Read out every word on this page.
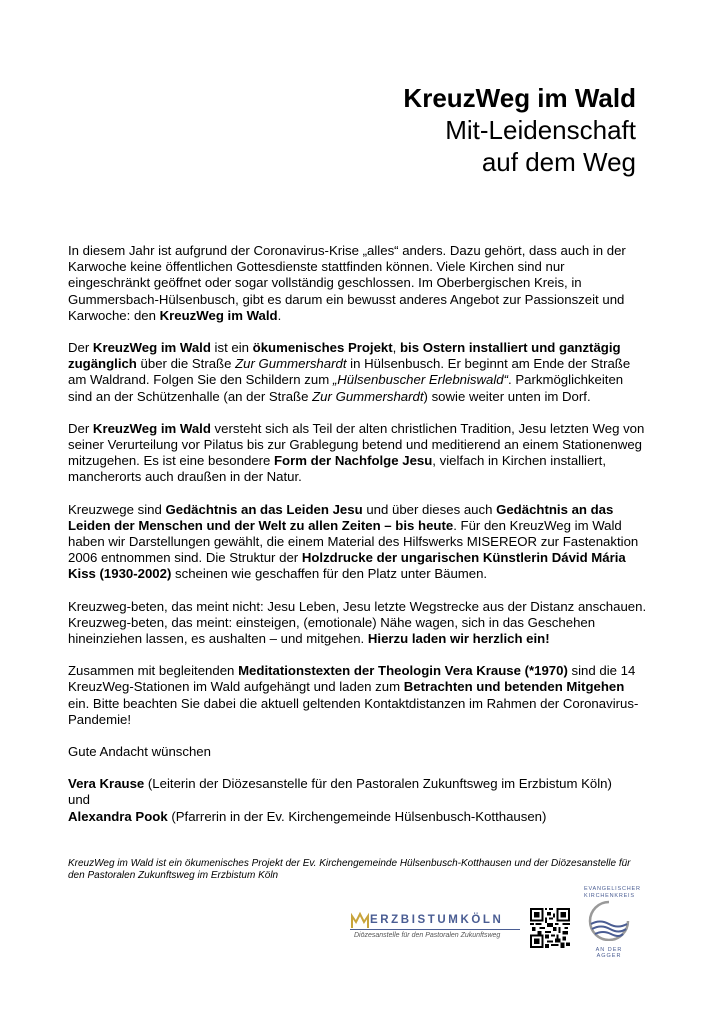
KreuzWeg im Wald
Mit-Leidenschaft
auf dem Weg

In diesem Jahr ist aufgrund der Coronavirus-Krise „alles“ anders. Dazu gehört, dass auch in der Karwoche keine öffentlichen Gottesdienste stattfinden können. Viele Kirchen sind nur eingeschränkt geöffnet oder sogar vollständig geschlossen. Im Oberbergischen Kreis, in Gummersbach-Hülsenbusch, gibt es darum ein bewusst anderes Angebot zur Passionszeit und Karwoche: den KreuzWeg im Wald.

Der KreuzWeg im Wald ist ein ökumenisches Projekt, bis Ostern installiert und ganztägig zugänglich über die Straße Zur Gummershardt in Hülsenbusch. Er beginnt am Ende der Straße am Waldrand. Folgen Sie den Schildern zum „Hülsenbuscher Erlebniswald“. Parkmöglichkeiten sind an der Schützenhalle (an der Straße Zur Gummershardt) sowie weiter unten im Dorf.

Der KreuzWeg im Wald versteht sich als Teil der alten christlichen Tradition, Jesu letzten Weg von seiner Verurteilung vor Pilatus bis zur Grablegung betend und meditierend an einem Stationenweg mitzugehen. Es ist eine besondere Form der Nachfolge Jesu, vielfach in Kirchen installiert, mancherorts auch draußen in der Natur.

Kreuzwege sind Gedächtnis an das Leiden Jesu und über dieses auch Gedächtnis an das Leiden der Menschen und der Welt zu allen Zeiten – bis heute. Für den KreuzWeg im Wald haben wir Darstellungen gewählt, die einem Material des Hilfswerks MISEREOR zur Fastenaktion 2006 entnommen sind. Die Struktur der Holzdrucke der ungarischen Künstlerin Dávid Mária Kiss (1930-2002) scheinen wie geschaffen für den Platz unter Bäumen.

Kreuzweg-beten, das meint nicht: Jesu Leben, Jesu letzte Wegstrecke aus der Distanz anschauen. Kreuzweg-beten, das meint: einsteigen, (emotionale) Nähe wagen, sich in das Geschehen hineinziehen lassen, es aushalten – und mitgehen. Hierzu laden wir herzlich ein!

Zusammen mit begleitenden Meditationstexten der Theologin Vera Krause (*1970) sind die 14 KreuzWeg-Stationen im Wald aufgehängt und laden zum Betrachten und betenden Mitgehen ein. Bitte beachten Sie dabei die aktuell geltenden Kontaktdistanzen im Rahmen der Coronavirus-Pandemie!

Gute Andacht wünschen

Vera Krause (Leiterin der Diözesanstelle für den Pastoralen Zukunftsweg im Erzbistum Köln)
und
Alexandra Pook (Pfarrerin in der Ev. Kirchengemeinde Hülsenbusch-Kotthausen)

KreuzWeg im Wald ist ein ökumenisches Projekt der Ev. Kirchengemeinde Hülsenbusch-Kotthausen und der Diözesanstelle für den Pastoralen Zukunftsweg im Erzbistum Köln
ERZBISTUMKÖLN
Diözesanstelle für den Pastoralen Zukunftsweg
EVANGELISCHER
KIRCHENKREIS
AN DER AGGER
